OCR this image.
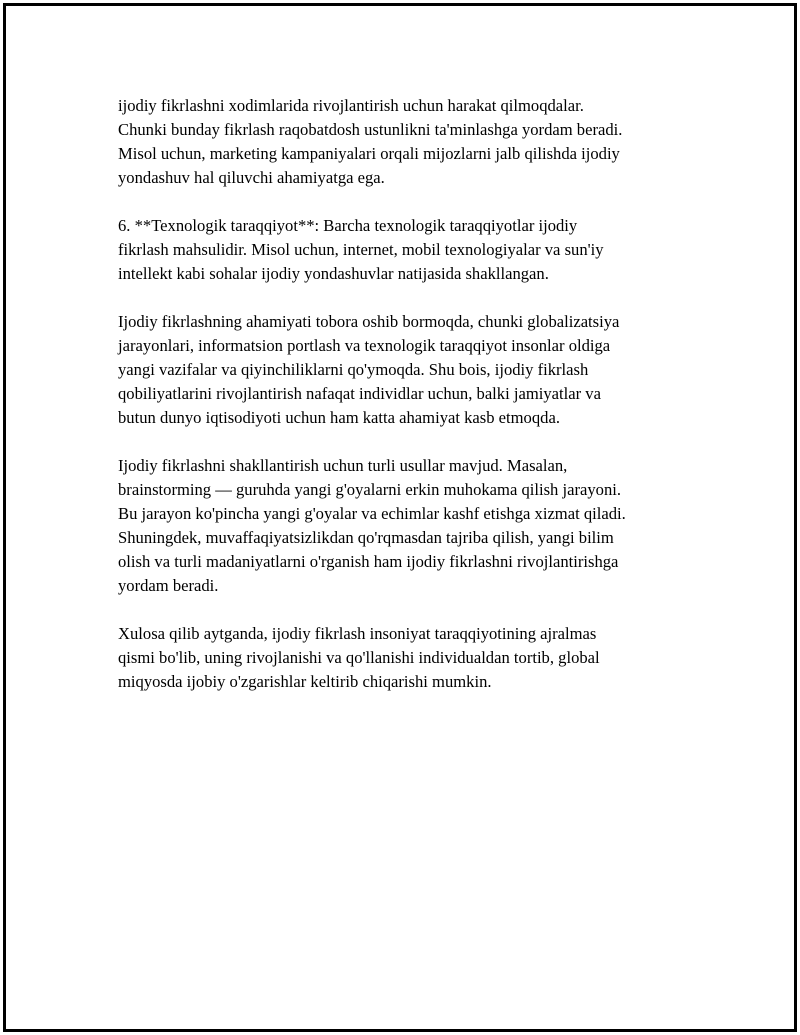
ijodiy fikrlashni xodimlarida rivojlantirish uchun harakat qilmoqdalar.
Chunki bunday fikrlash raqobatdosh ustunlikni ta'minlashga yordam beradi.
Misol uchun, marketing kampaniyalari orqali mijozlarni jalb qilishda ijodiy
yondashuv hal qiluvchi ahamiyatga ega.

6. **Texnologik taraqqiyot**: Barcha texnologik taraqqiyotlar ijodiy
fikrlash mahsulidir. Misol uchun, internet, mobil texnologiyalar va sun'iy
intellekt kabi sohalar ijodiy yondashuvlar natijasida shakllangan.

Ijodiy fikrlashning ahamiyati tobora oshib bormoqda, chunki globalizatsiya
jarayonlari, informatsion portlash va texnologik taraqqiyot insonlar oldiga
yangi vazifalar va qiyinchiliklarni qo'ymoqda. Shu bois, ijodiy fikrlash
qobiliyatlarini rivojlantirish nafaqat individlar uchun, balki jamiyatlar va
butun dunyo iqtisodiyoti uchun ham katta ahamiyat kasb etmoqda.

Ijodiy fikrlashni shakllantirish uchun turli usullar mavjud. Masalan,
brainstorming — guruhda yangi g'oyalarni erkin muhokama qilish jarayoni.
Bu jarayon ko'pincha yangi g'oyalar va echimlar kashf etishga xizmat qiladi.
Shuningdek, muvaffaqiyatsizlikdan qo'rqmasdan tajriba qilish, yangi bilim
olish va turli madaniyatlarni o'rganish ham ijodiy fikrlashni rivojlantirishga
yordam beradi.

Xulosa qilib aytganda, ijodiy fikrlash insoniyat taraqqiyotining ajralmas
qismi bo'lib, uning rivojlanishi va qo'llanishi individualdan tortib, global
miqyosda ijobiy o'zgarishlar keltirib chiqarishi mumkin.
